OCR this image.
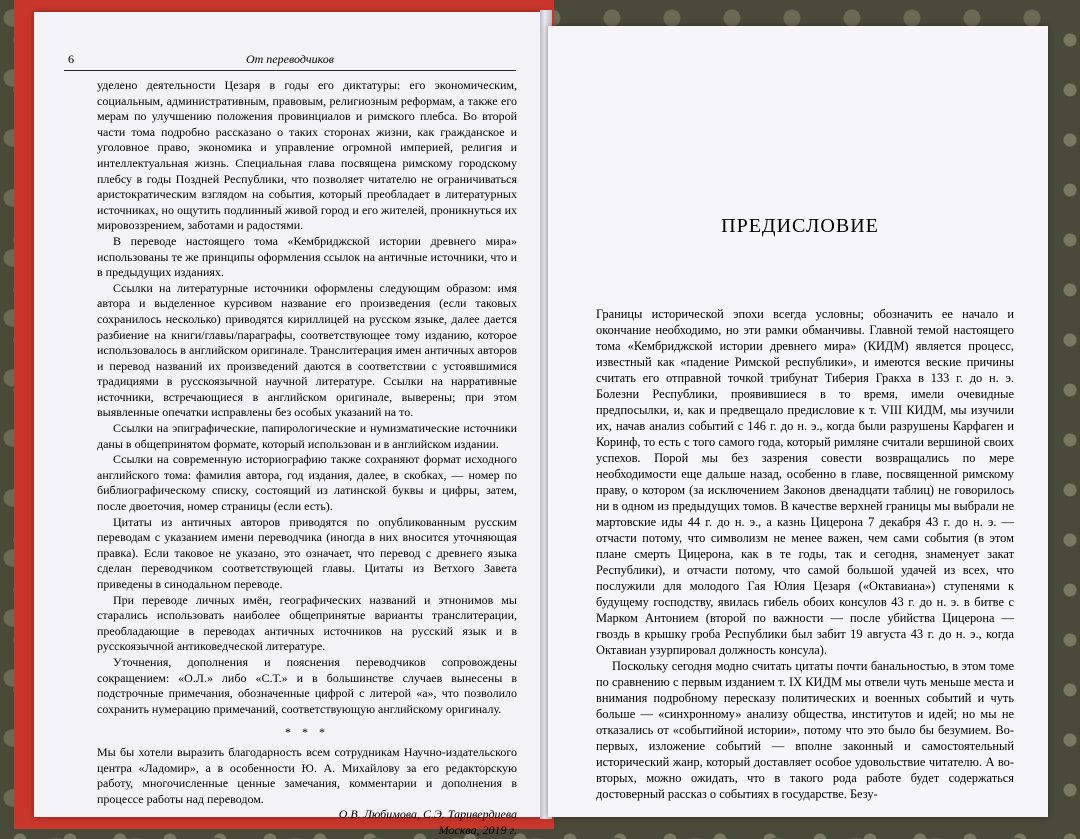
6	От переводчиков

уделено деятельности Цезаря в годы его диктатуры: его экономическим, социальным, административным, правовым, религиозным реформам, а также его мерам по улучшению положения провинциалов и римского плебса. Во второй части тома подробно рассказано о таких сторонах жизни, как гражданское и уголовное право, экономика и управление огромной империей, религия и интеллектуальная жизнь. Специальная глава посвящена римскому городскому плебсу в годы Поздней Республики, что позволяет читателю не ограничиваться аристократическим взглядом на события, который преобладает в литературных источниках, но ощутить подлинный живой город и его жителей, проникнуться их мировоззрением, заботами и радостями.

В переводе настоящего тома «Кембриджской истории древнего мира» использованы те же принципы оформления ссылок на античные источники, что и в предыдущих изданиях.

Ссылки на литературные источники оформлены следующим образом: имя автора и выделенное курсивом название его произведения (если таковых сохранилось несколько) приводятся кириллицей на русском языке, далее дается разбиение на книги/главы/параграфы, соответствующее тому изданию, которое использовалось в английском оригинале. Транслитерация имен античных авторов и перевод названий их произведений даются в соответствии с устоявшимися традициями в русскоязычной научной литературе. Ссылки на нарративные источники, встречающиеся в английском оригинале, выверены; при этом выявленные опечатки исправлены без особых указаний на то.

Ссылки на эпиграфические, папирологические и нумизматические источники даны в общепринятом формате, который использован и в английском издании.

Ссылки на современную историографию также сохраняют формат исходного английского тома: фамилия автора, год издания, далее, в скобках, — номер по библиографическому списку, состоящий из латинской буквы и цифры, затем, после двоеточия, номер страницы (если есть).

Цитаты из античных авторов приводятся по опубликованным русским переводам с указанием имени переводчика (иногда в них вносится уточняющая правка). Если таковое не указано, это означает, что перевод с древнего языка сделан переводчиком соответствующей главы. Цитаты из Ветхого Завета приведены в синодальном переводе.

При переводе личных имён, географических названий и этнонимов мы старались использовать наиболее общепринятые варианты транслитерации, преобладающие в переводах античных источников на русский язык и в русскоязычной антиковедческой литературе.

Уточнения, дополнения и пояснения переводчиков сопровождены сокращением: «О.Л.» либо «С.Т.» и в большинстве случаев вынесены в подстрочные примечания, обозначенные цифрой с литерой «а», что позволило сохранить нумерацию примечаний, соответствующую английскому оригиналу.

* * *

Мы бы хотели выразить благодарность всем сотрудникам Научно-издательского центра «Ладомир», а в особенности Ю. А. Михайлову за его редакторскую работу, многочисленные ценные замечания, комментарии и дополнения в процессе работы над переводом.

О.В. Любимова, С.Э. Таривердиева
Москва, 2019 г.
ПРЕДИСЛОВИЕ

Границы исторической эпохи всегда условны; обозначить ее начало и окончание необходимо, но эти рамки обманчивы. Главной темой настоящего тома «Кембриджской истории древнего мира» (КИДМ) является процесс, известный как «падение Римской республики», и имеются веские причины считать его отправной точкой трибунат Тиберия Гракха в 133 г. до н. э. Болезни Республики, проявившиеся в то время, имели очевидные предпосылки, и, как и предвещало предисловие к т. VIII КИДМ, мы изучили их, начав анализ событий с 146 г. до н. э., когда были разрушены Карфаген и Коринф, то есть с того самого года, который римляне считали вершиной своих успехов. Порой мы без зазрения совести возвращались по мере необходимости еще дальше назад, особенно в главе, посвященной римскому праву, о котором (за исключением Законов двенадцати таблиц) не говорилось ни в одном из предыдущих томов. В качестве верхней границы мы выбрали не мартовские иды 44 г. до н. э., а казнь Цицерона 7 декабря 43 г. до н. э. — отчасти потому, что символизм не менее важен, чем сами события (в этом плане смерть Цицерона, как в те годы, так и сегодня, знаменует закат Республики), и отчасти потому, что самой большой удачей из всех, что послужили для молодого Гая Юлия Цезаря («Октавиана») ступенями к будущему господству, явилась гибель обоих консулов 43 г. до н. э. в битве с Марком Антонием (второй по важности — после убийства Цицерона — гвоздь в крышку гроба Республики был забит 19 августа 43 г. до н. э., когда Октавиан узурпировал должность консула).

Поскольку сегодня модно считать цитаты почти банальностью, в этом томе по сравнению с первым изданием т. IX КИДМ мы отвели чуть меньше места и внимания подробному пересказу политических и военных событий и чуть больше — «синхронному» анализу общества, институтов и идей; но мы не отказались от «событийной истории», потому что это было бы безумием. Во-первых, изложение событий — вполне законный и самостоятельный исторический жанр, который доставляет особое удовольствие читателю. А во-вторых, можно ожидать, что в такого рода работе будет содержаться достоверный рассказ о событиях в государстве. Безу-
